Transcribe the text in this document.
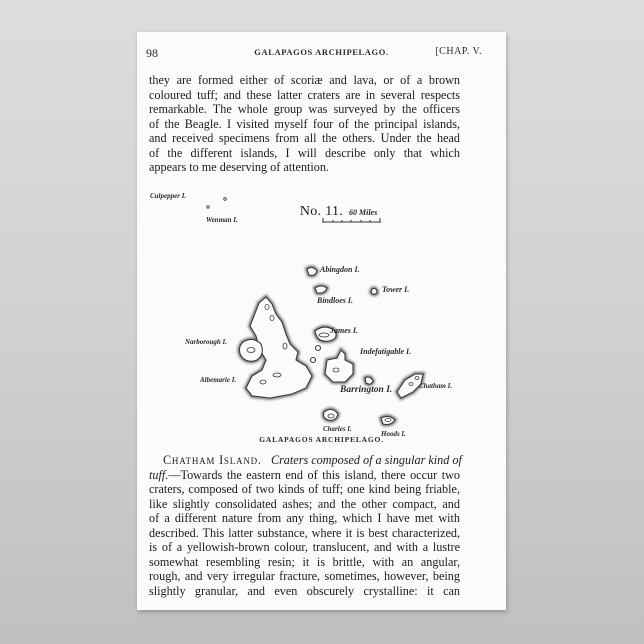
98	GALAPAGOS ARCHIPELAGO.	[CHAP. V.
they are formed either of scoriæ and lava, or of a brown
coloured tuff; and these latter craters are in several respects
remarkable. The whole group was surveyed by the officers
of the Beagle. I visited myself four of the principal islands,
and received specimens from all the others. Under the head
of the different islands, I will describe only that which
appears to me deserving of attention.
No. 11. 60 Miles
Culpepper I.
Wenman I.
Abingdon I.
Tower I.
Bindloes I.
James I.
Narborough I.
Indefatigable I.
Albemarle I.
Barrington I.	Chatham I.
Charles I.
Hoods I.
GALAPAGOS ARCHIPELAGO.
Chatham Island. Craters composed of a singular kind of
tuff.—Towards the eastern end of this island, there occur two
craters, composed of two kinds of tuff; one kind being friable,
like slightly consolidated ashes; and the other compact, and
of a different nature from any thing, which I have met with
described. This latter substance, where it is best characterized,
is of a yellowish-brown colour, translucent, and with a lustre
somewhat resembling resin; it is brittle, with an angular,
rough, and very irregular fracture, sometimes, however, being
slightly granular, and even obscurely crystalline: it can
